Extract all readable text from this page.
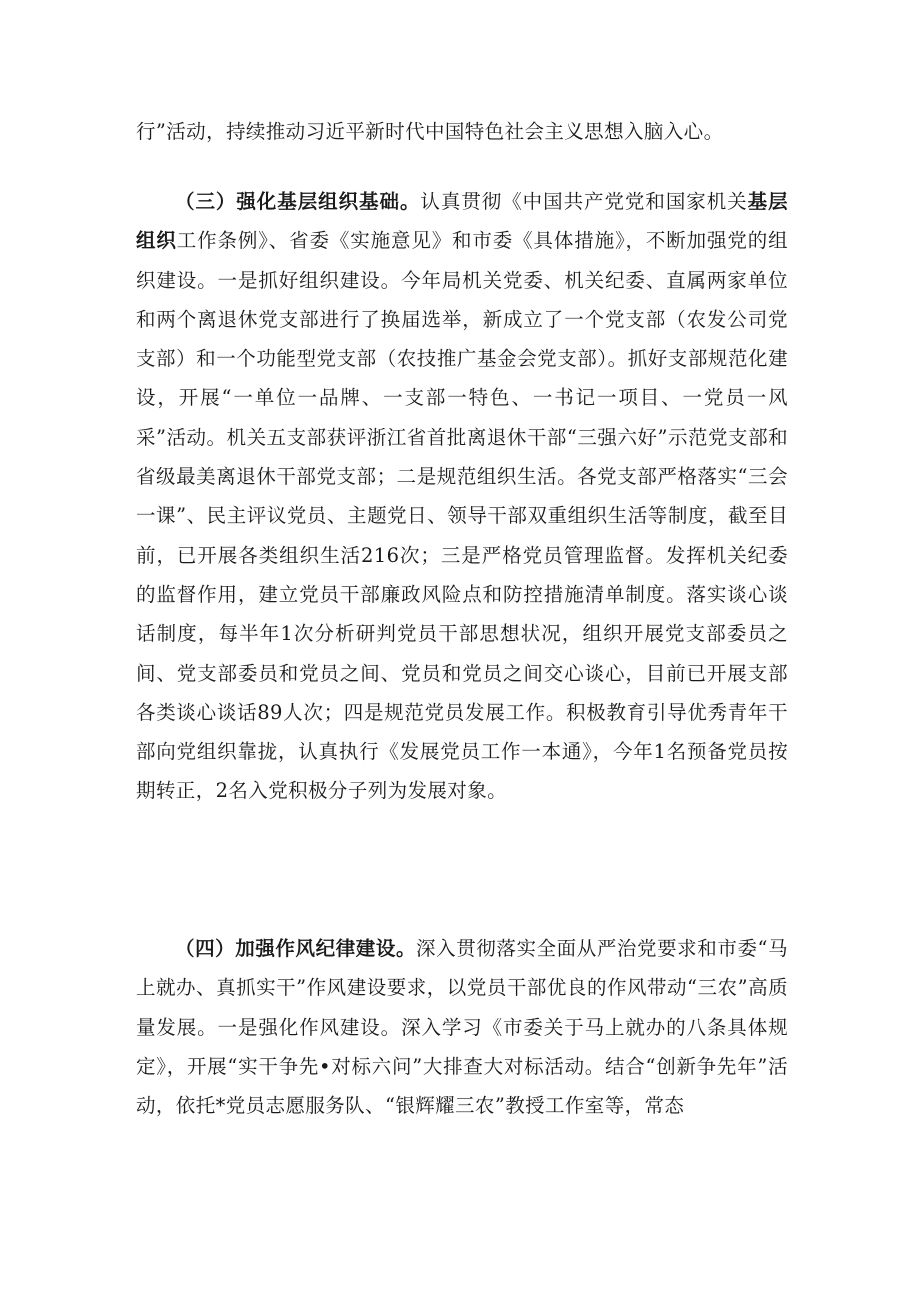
行”活动，持续推动习近平新时代中国特色社会主义思想入脑入心。

（三）强化基层组织基础。认真贯彻《中国共产党党和国家机关基层组织工作条例》、省委《实施意见》和市委《具体措施》，不断加强党的组织建设。一是抓好组织建设。今年局机关党委、机关纪委、直属两家单位和两个离退休党支部进行了换届选举，新成立了一个党支部（农发公司党支部）和一个功能型党支部（农技推广基金会党支部）。抓好支部规范化建设，开展“一单位一品牌、一支部一特色、一书记一项目、一党员一风采”活动。机关五支部获评浙江省首批离退休干部“三强六好”示范党支部和省级最美离退休干部党支部；二是规范组织生活。各党支部严格落实“三会一课”、民主评议党员、主题党日、领导干部双重组织生活等制度，截至目前，已开展各类组织生活216次；三是严格党员管理监督。发挥机关纪委的监督作用，建立党员干部廉政风险点和防控措施清单制度。落实谈心谈话制度，每半年1次分析研判党员干部思想状况，组织开展党支部委员之间、党支部委员和党员之间、党员和党员之间交心谈心，目前已开展支部各类谈心谈话89人次；四是规范党员发展工作。积极教育引导优秀青年干部向党组织靠拢，认真执行《发展党员工作一本通》，今年1名预备党员按期转正，2名入党积极分子列为发展对象。

（四）加强作风纪律建设。深入贯彻落实全面从严治党要求和市委“马上就办、真抓实干”作风建设要求，以党员干部优良的作风带动“三农”高质量发展。一是强化作风建设。深入学习《市委关于马上就办的八条具体规定》，开展“实干争先•对标六问”大排查大对标活动。结合“创新争先年”活动，依托*党员志愿服务队、“银辉耀三农”教授工作室等，常态
